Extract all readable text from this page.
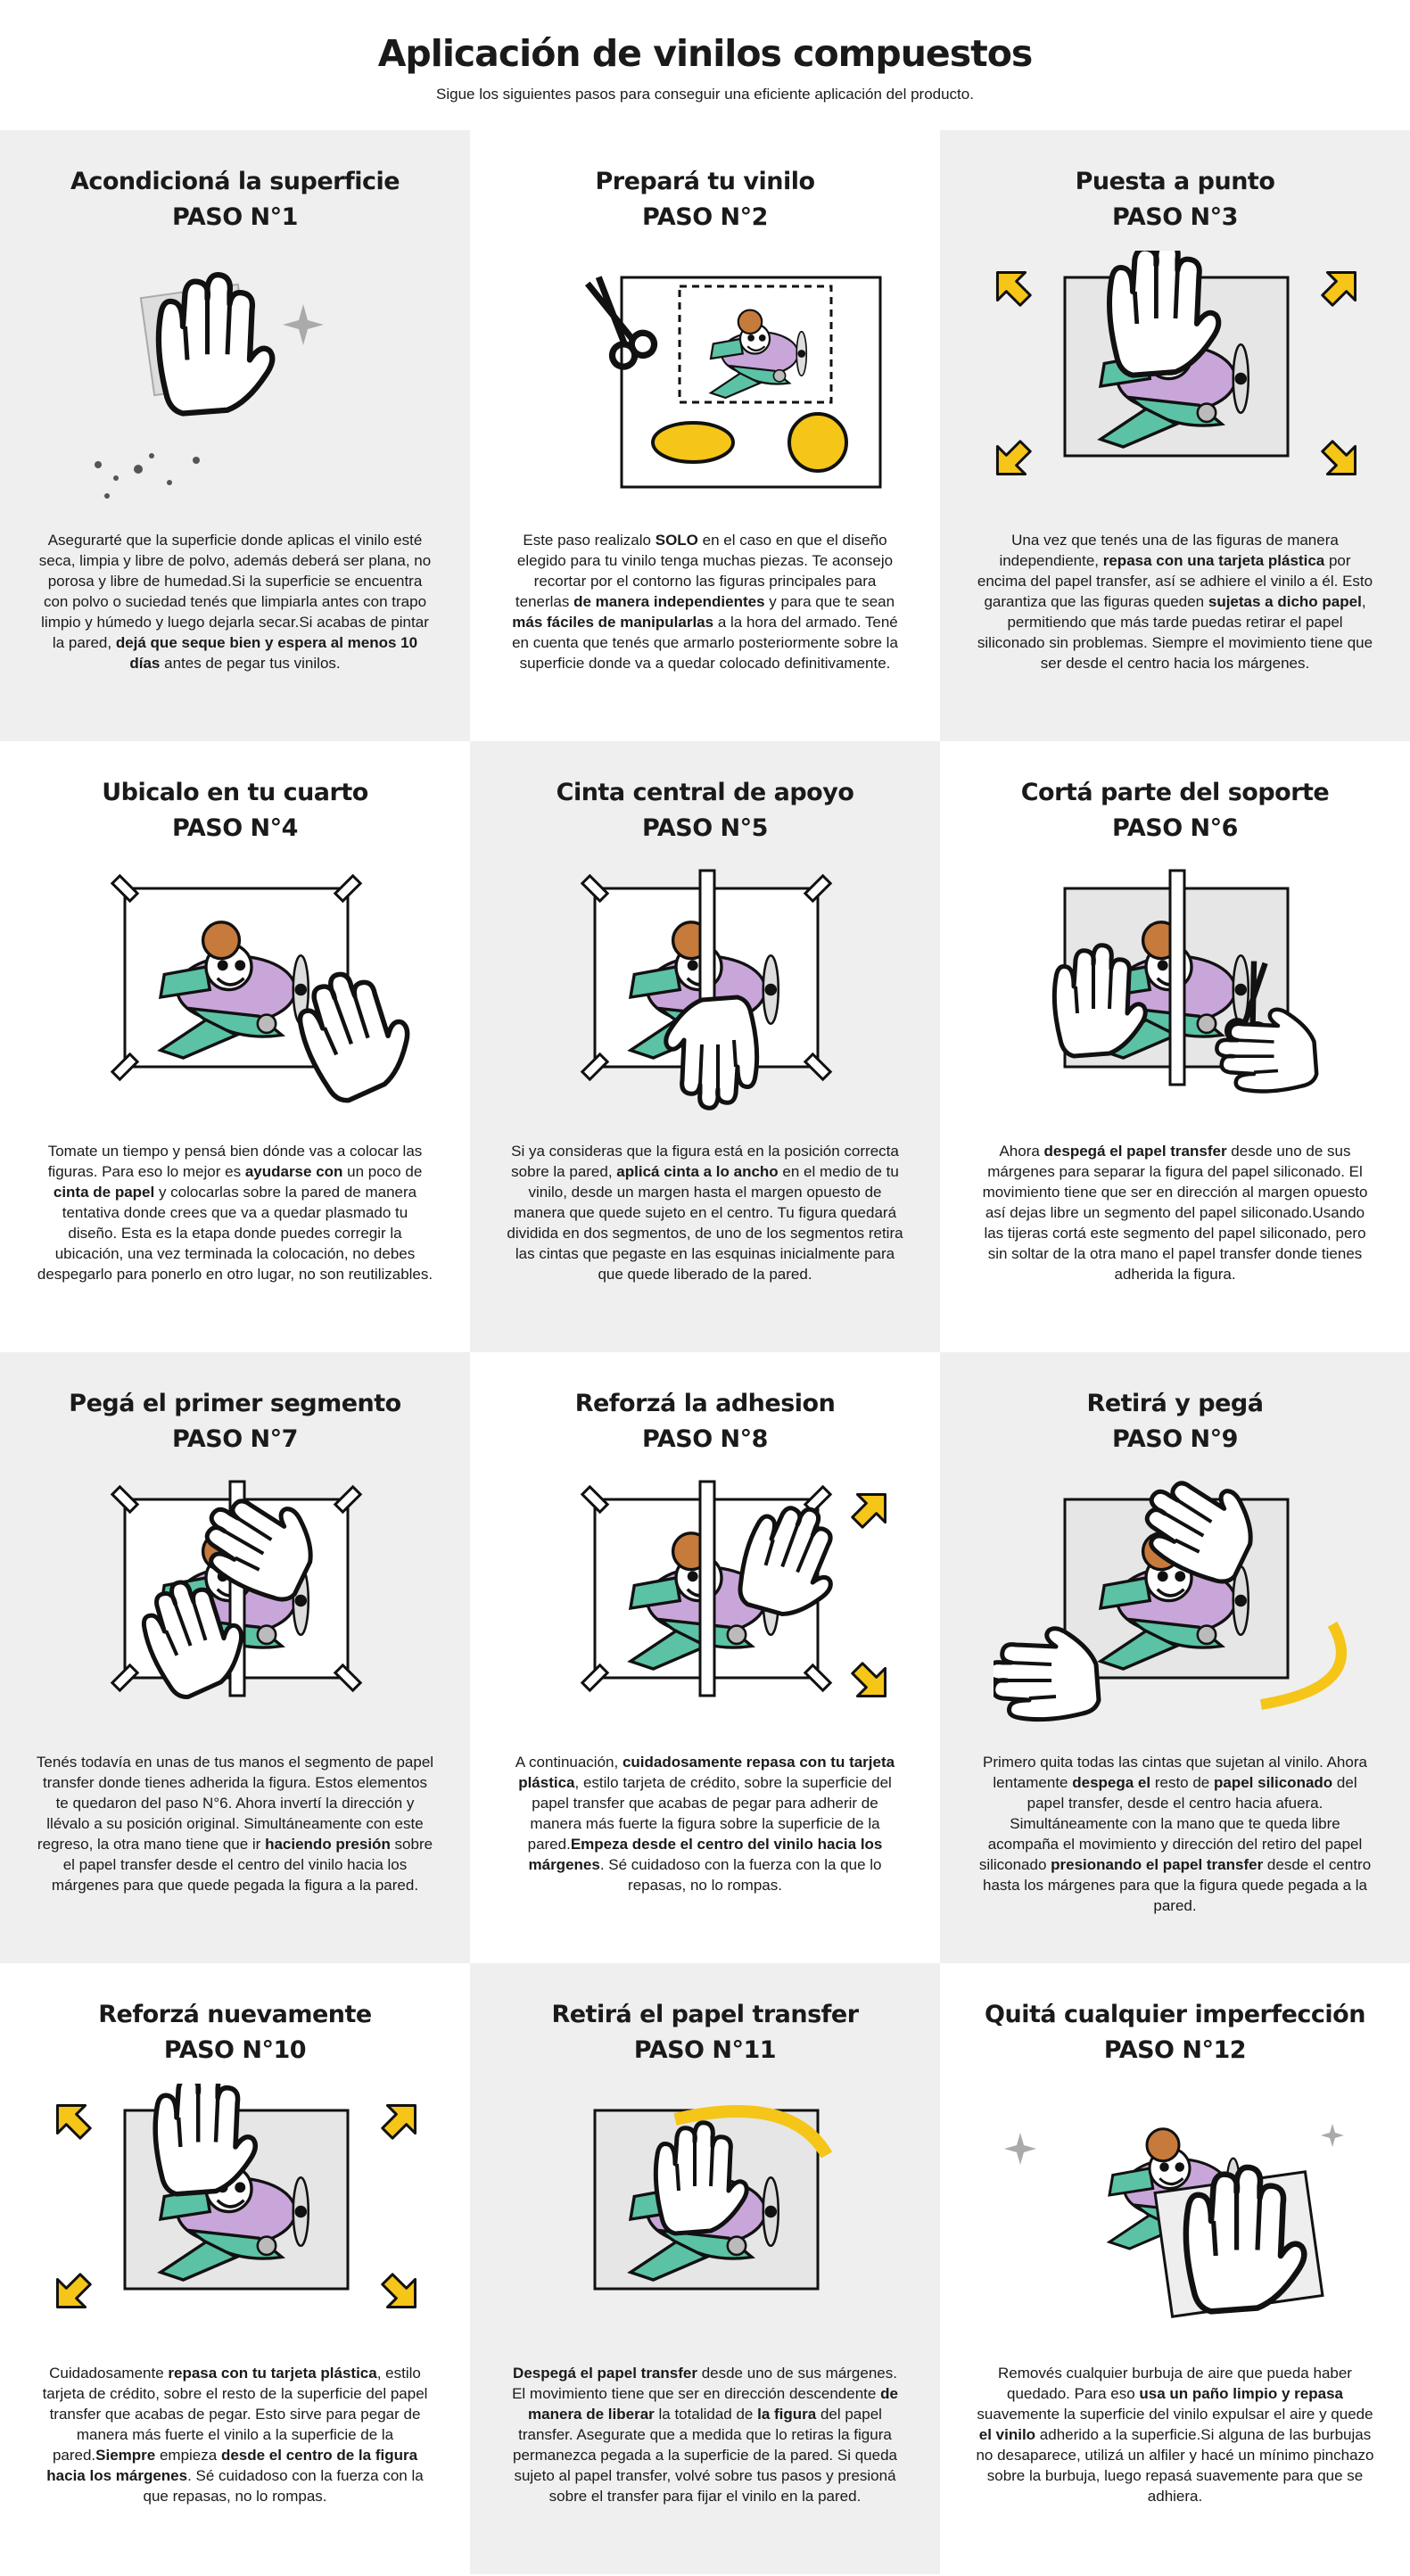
Aplicación de vinilos compuestos
Sigue los siguientes pasos para conseguir una eficiente aplicación del producto.
Acondicioná la superficie
PASO N°1
Asegurarté que la superficie donde aplicas el vinilo esté seca, limpia y libre de polvo, además deberá ser plana, no porosa y libre de humedad.Si la superficie se encuentra con polvo o suciedad tenés que limpiarla antes con trapo limpio y húmedo y luego dejarla secar.Si acabas de pintar la pared, dejá que seque bien y espera al menos 10 días antes de pegar tus vinilos.
Prepará tu vinilo
PASO N°2
Este paso realizalo SOLO en el caso en que el diseño elegido para tu vinilo tenga muchas piezas. Te aconsejo recortar por el contorno las figuras principales para tenerlas de manera independientes y para que te sean más fáciles de manipularlas a la hora del armado. Tené en cuenta que tenés que armarlo posteriormente sobre la superficie donde va a quedar colocado definitivamente.
Puesta a punto
PASO N°3
Una vez que tenés una de las figuras de manera independiente, repasa con una tarjeta plástica por encima del papel transfer, así se adhiere el vinilo a él. Esto garantiza que las figuras queden sujetas a dicho papel, permitiendo que más tarde puedas retirar el papel siliconado sin problemas. Siempre el movimiento tiene que ser desde el centro hacia los márgenes.
Ubicalo en tu cuarto
PASO N°4
Tomate un tiempo y pensá bien dónde vas a colocar las figuras. Para eso lo mejor es ayudarse con un poco de cinta de papel y colocarlas sobre la pared de manera tentativa donde crees que va a quedar plasmado tu diseño. Esta es la etapa donde puedes corregir la ubicación, una vez terminada la colocación, no debes despegarlo para ponerlo en otro lugar, no son reutilizables.
Cinta central de apoyo
PASO N°5
Si ya consideras que la figura está en la posición correcta sobre la pared, aplicá cinta a lo ancho en el medio de tu vinilo, desde un margen hasta el margen opuesto de manera que quede sujeto en el centro. Tu figura quedará dividida en dos segmentos, de uno de los segmentos retira las cintas que pegaste en las esquinas inicialmente para que quede liberado de la pared.
Cortá parte del soporte
PASO N°6
Ahora despegá el papel transfer desde uno de sus márgenes para separar la figura del papel siliconado. El movimiento tiene que ser en dirección al margen opuesto así dejas libre un segmento del papel siliconado.Usando las tijeras cortá este segmento del papel siliconado, pero sin soltar de la otra mano el papel transfer donde tienes adherida la figura.
Pegá el primer segmento
PASO N°7
Tenés todavía en unas de tus manos el segmento de papel transfer donde tienes adherida la figura. Estos elementos te quedaron del paso N°6. Ahora invertí la dirección y llévalo a su posición original. Simultáneamente con este regreso, la otra mano tiene que ir haciendo presión sobre el papel transfer desde el centro del vinilo hacia los márgenes para que quede pegada la figura a la pared.
Reforzá la adhesion
PASO N°8
A continuación, cuidadosamente repasa con tu tarjeta plástica, estilo tarjeta de crédito, sobre la superficie del papel transfer que acabas de pegar para adherir de manera más fuerte la figura sobre la superficie de la pared.Empeza desde el centro del vinilo hacia los márgenes. Sé cuidadoso con la fuerza con la que lo repasas, no lo rompas.
Retirá y pegá
PASO N°9
Primero quita todas las cintas que sujetan al vinilo. Ahora lentamente despega el resto de papel siliconado del papel transfer, desde el centro hacia afuera. Simultáneamente con la mano que te queda libre acompaña el movimiento y dirección del retiro del papel siliconado presionando el papel transfer desde el centro hasta los márgenes para que la figura quede pegada a la pared.
Reforzá nuevamente
PASO N°10
Cuidadosamente repasa con tu tarjeta plástica, estilo tarjeta de crédito, sobre el resto de la superficie del papel transfer que acabas de pegar. Esto sirve para pegar de manera más fuerte el vinilo a la superficie de la pared.Siempre empieza desde el centro de la figura hacia los márgenes. Sé cuidadoso con la fuerza con la que repasas, no lo rompas.
Retirá el papel transfer
PASO N°11
Despegá el papel transfer desde uno de sus márgenes. El movimiento tiene que ser en dirección descendente de manera de liberar la totalidad de la figura del papel transfer. Asegurate que a medida que lo retiras la figura permanezca pegada a la superficie de la pared. Si queda sujeto al papel transfer, volvé sobre tus pasos y presioná sobre el transfer para fijar el vinilo en la pared.
Quitá cualquier imperfección
PASO N°12
Removés cualquier burbuja de aire que pueda haber quedado. Para eso usa un paño limpio y repasa suavemente la superficie del vinilo expulsar el aire y quede el vinilo adherido a la superficie.Si alguna de las burbujas no desaparece, utilizá un alfiler y hacé un mínimo pinchazo sobre la burbuja, luego repasá suavemente para que se adhiera.
